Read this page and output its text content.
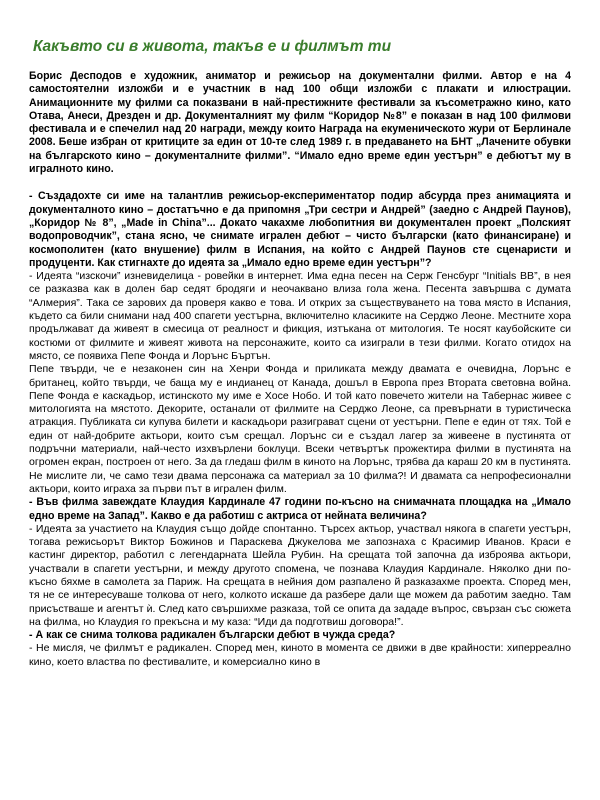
Какъвто си в живота, такъв е и филмът ти

Борис Десподов е художник, аниматор и режисьор на документални филми. Автор е на 4 самостоятелни изложби и е участник в над 100 общи изложби с плакати и илюстрации. Анимационните му филми са показвани в най-престижните фестивали за късометражно кино, като Отава, Анеси, Дрезден и др. Документалният му филм “Коридор №8” е показан в над 100 филмови фестивала и е спечелил над 20 награди, между които Наградa на екуменическото жури от Берлинале 2008. Беше избран от критиците за един от 10-те след 1989 г. в предаването на БНТ „Лачените обувки на българското кино – документалните филми”. “Имало едно време един уестърн” е дебютът му в игралното кино.

- Създадохте си име на талантлив режисьор-експериментатор подир абсурда през анимацията и документалното кино – достатъчно е да припомня „Три сестри и Андрей” (заедно с Андрей Паунов), „Коридор № 8”, „Made in China”... Докато чакахме любопитния ви документален проект „Полският водопроводчик”, стана ясно, че снимате игрален дебют – чисто български (като финансиране) и космополитен (като внушение) филм в Испания, на който с Андрей Паунов сте сценаристи и продуценти. Как стигнахте до идеята за „Имало едно време един уестърн”?

- Идеята “изскочи” изневиделица - ровейки в интернет. Има една песен на Серж Генсбург “Initials BB”, в нея се разказва как в долен бар седят бродяги и неочаквано влиза гола жена. Песента завършва с думата “Алмерия”. Така се зарових да проверя какво е това. И открих за съществуването на това място в Испания, където са били снимани над 400 спагети уестърна, включително класиките на Серджо Леоне. Местните хора продължават да живеят в смесица от реалност и фикция, изтъкана от митология. Те носят каубойските си костюми от филмите и живеят живота на персонажите, които са изиграли в тези филми. Когато отидох на място, се появиха Пепе Фонда и Лорънс Бъртън.

Пепе твърди, че е незаконен син на Хенри Фонда и приликата между двамата е очевидна, Лорънс е британец, който твърди, че баща му е индианец от Канада, дошъл в Европа през Втората световна война. Пепе Фонда е каскадьор, истинското му име е Хосе Нобо. И той като повечето жители на Табернас живее с митологията на мястото. Декорите, останали от филмите на Серджо Леоне, са превърнати в туристическа атракция. Публиката си купува билети и каскадьори разиграват сцени от уестърни. Пепе е един от тях. Той е един от най-добрите актьори, които съм срещал. Лорънс си е създал лагер за живеене в пустинята от подръчни материали, най-често изхвърлени боклуци. Всеки четвъртък прожектира филми в пустинята на огромен екран, построен от него. За да гледаш филм в киното на Лорънс, трябва да караш 20 км в пустинята. Не мислите ли, че само тези двама персонажа са материал за 10 филма?! И двамата са непрофесионални актьори, които играха за първи път в игрален филм.

- Във филма завеждате Клаудия Кардинале 47 години по-късно на снимачната площадка на „Имало едно време на Запад”. Какво е да работиш с актриса от нейната величина?

- Идеята за участието на Клаудия също дойде спонтанно. Търсех актьор, участвал някога в спагети уестърн, тогава режисьорът Виктор Божинов и Параскева Джукелова ме запознаха с Красимир Иванов. Краси е кастинг директор, работил с легендарната Шейла Рубин. На срещата той започна да изброява актьори, участвали в спагети уестърни, и между другото спомена, че познава Клаудия Кардинале. Няколко дни по-късно бяхме в самолета за Париж. На срещата в нейния дом разпалено й разказахме проекта. Според мен, тя не се интересуваше толкова от него, колкото искаше да разбере дали ще можем да работим заедно. Там присъстваше и агентът ѝ. След като свършихме разказа, той се опита да зададе въпрос, свързан със сюжета на филма, но Клаудия го прекъсна и му каза: “Иди да подготвиш договора!”.

- А как се снима толкова радикален български дебют в чужда среда?

- Не мисля, че филмът е радикален. Според мен, киното в момента се движи в две крайности: хиперреално кино, което властва по фестивалите, и комерсиално кино в
